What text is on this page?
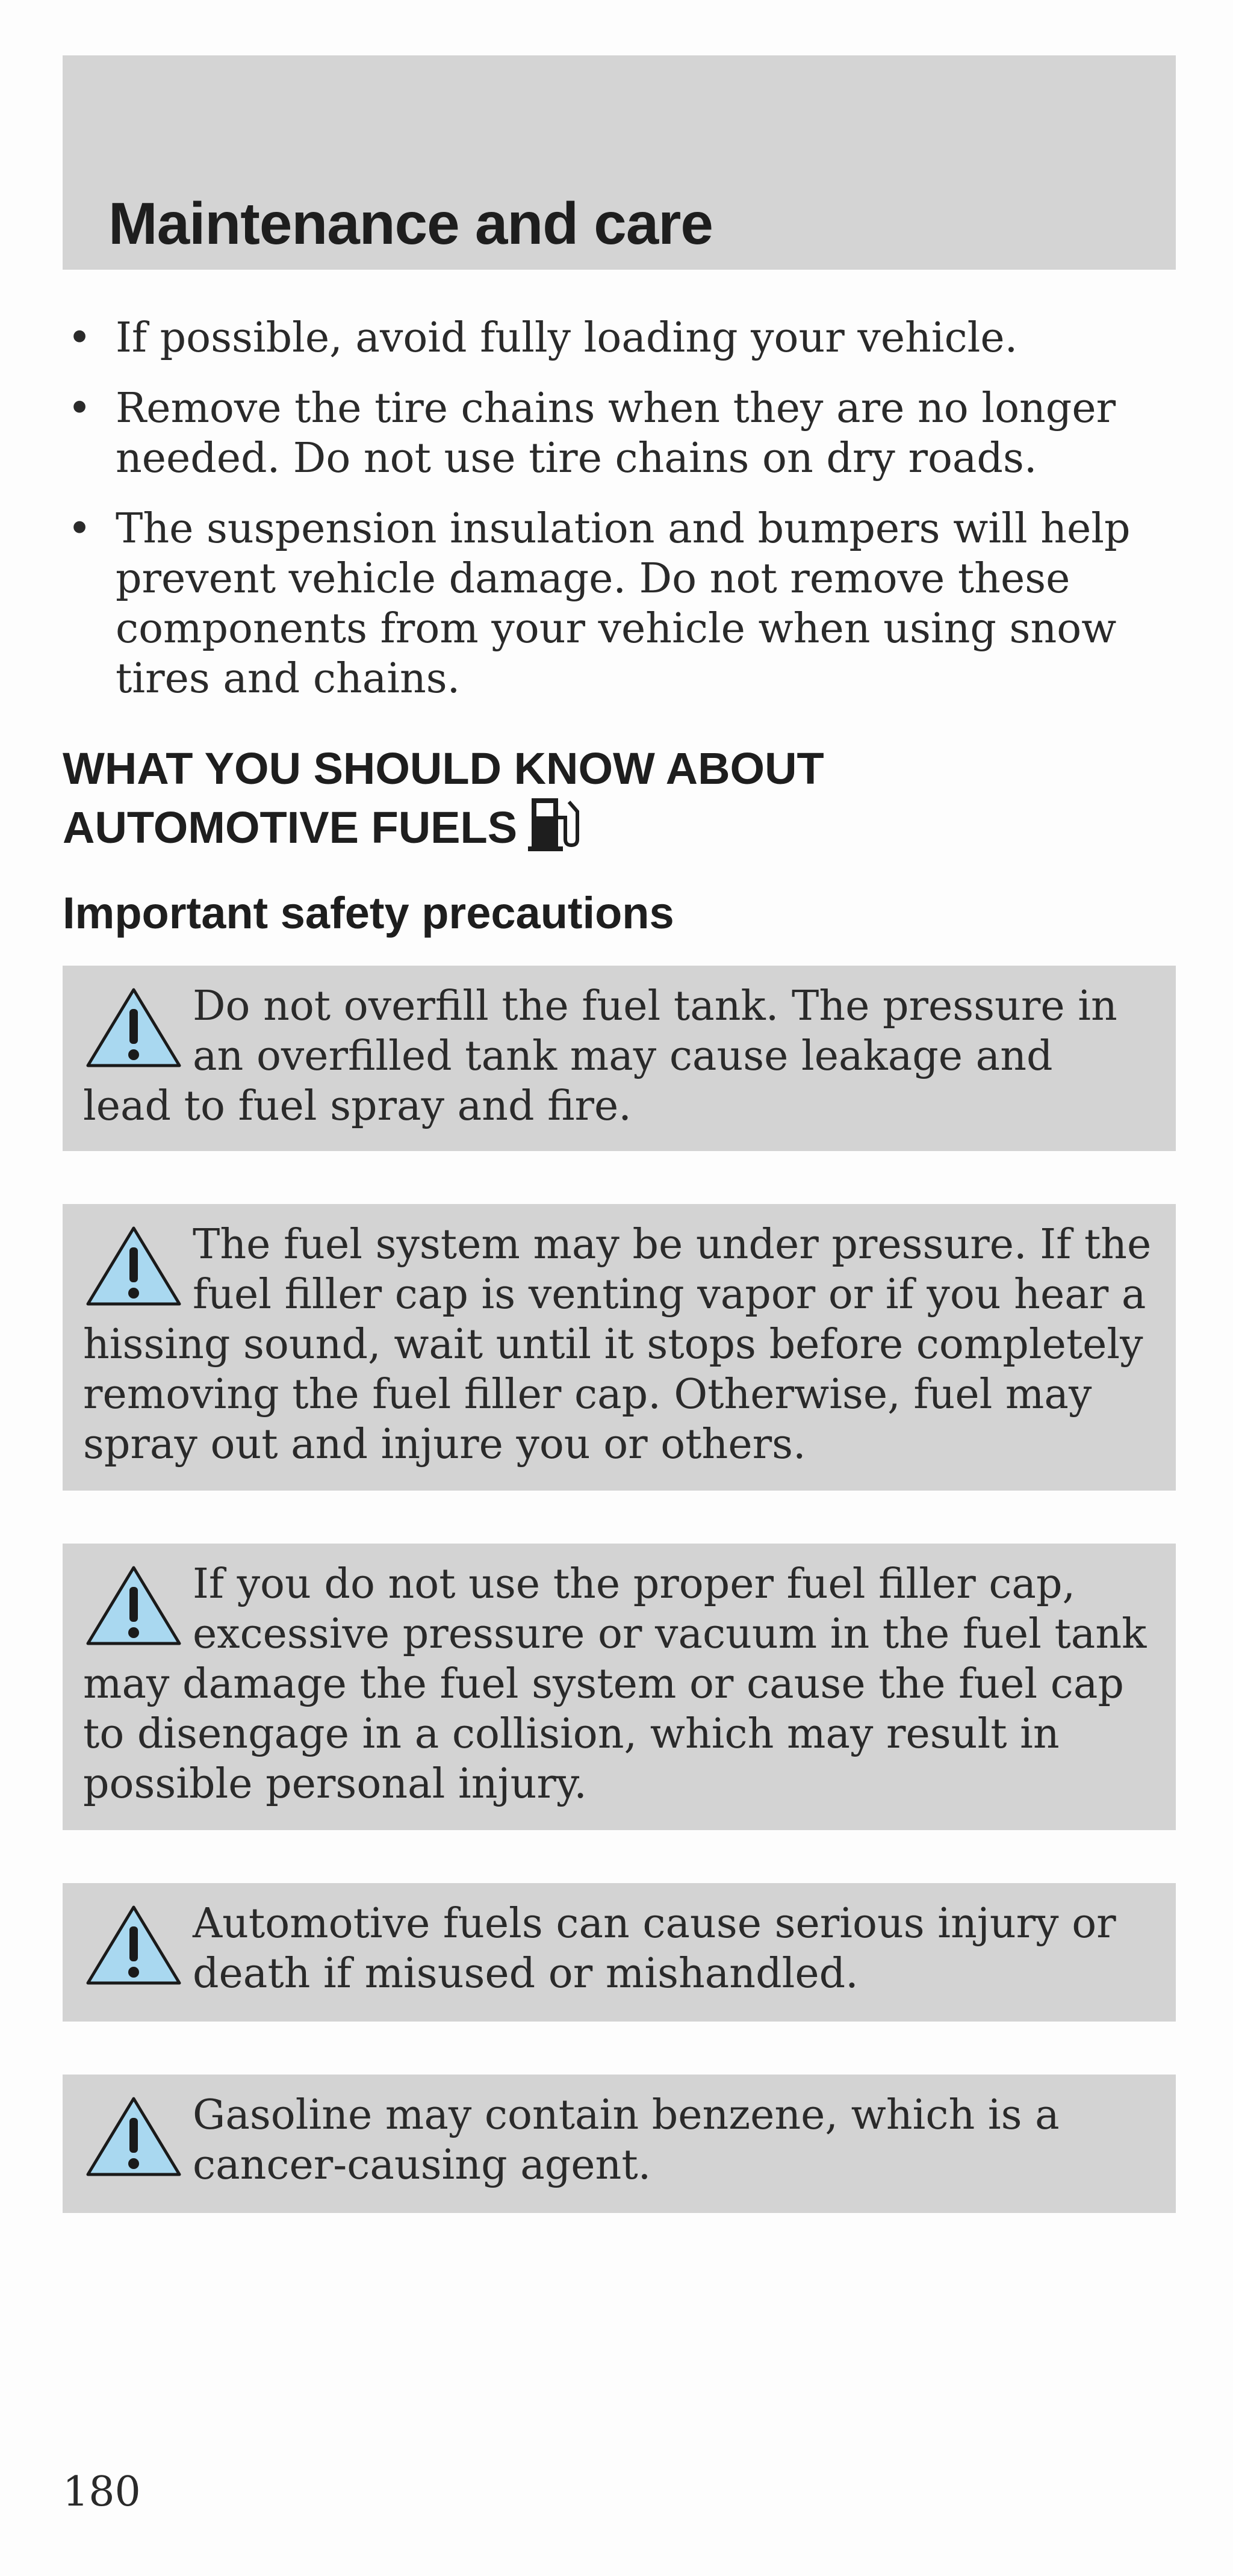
Maintenance and care
• If possible, avoid fully loading your vehicle.
• Remove the tire chains when they are no longer needed. Do not use tire chains on dry roads.
• The suspension insulation and bumpers will help prevent vehicle damage. Do not remove these components from your vehicle when using snow tires and chains.
WHAT YOU SHOULD KNOW ABOUT
AUTOMOTIVE FUELS
Important safety precautions
Do not overfill the fuel tank. The pressure in an overfilled tank may cause leakage and lead to fuel spray and fire.
The fuel system may be under pressure. If the fuel filler cap is venting vapor or if you hear a hissing sound, wait until it stops before completely removing the fuel filler cap. Otherwise, fuel may spray out and injure you or others.
If you do not use the proper fuel filler cap, excessive pressure or vacuum in the fuel tank may damage the fuel system or cause the fuel cap to disengage in a collision, which may result in possible personal injury.
Automotive fuels can cause serious injury or death if misused or mishandled.
Gasoline may contain benzene, which is a cancer-causing agent.
180
